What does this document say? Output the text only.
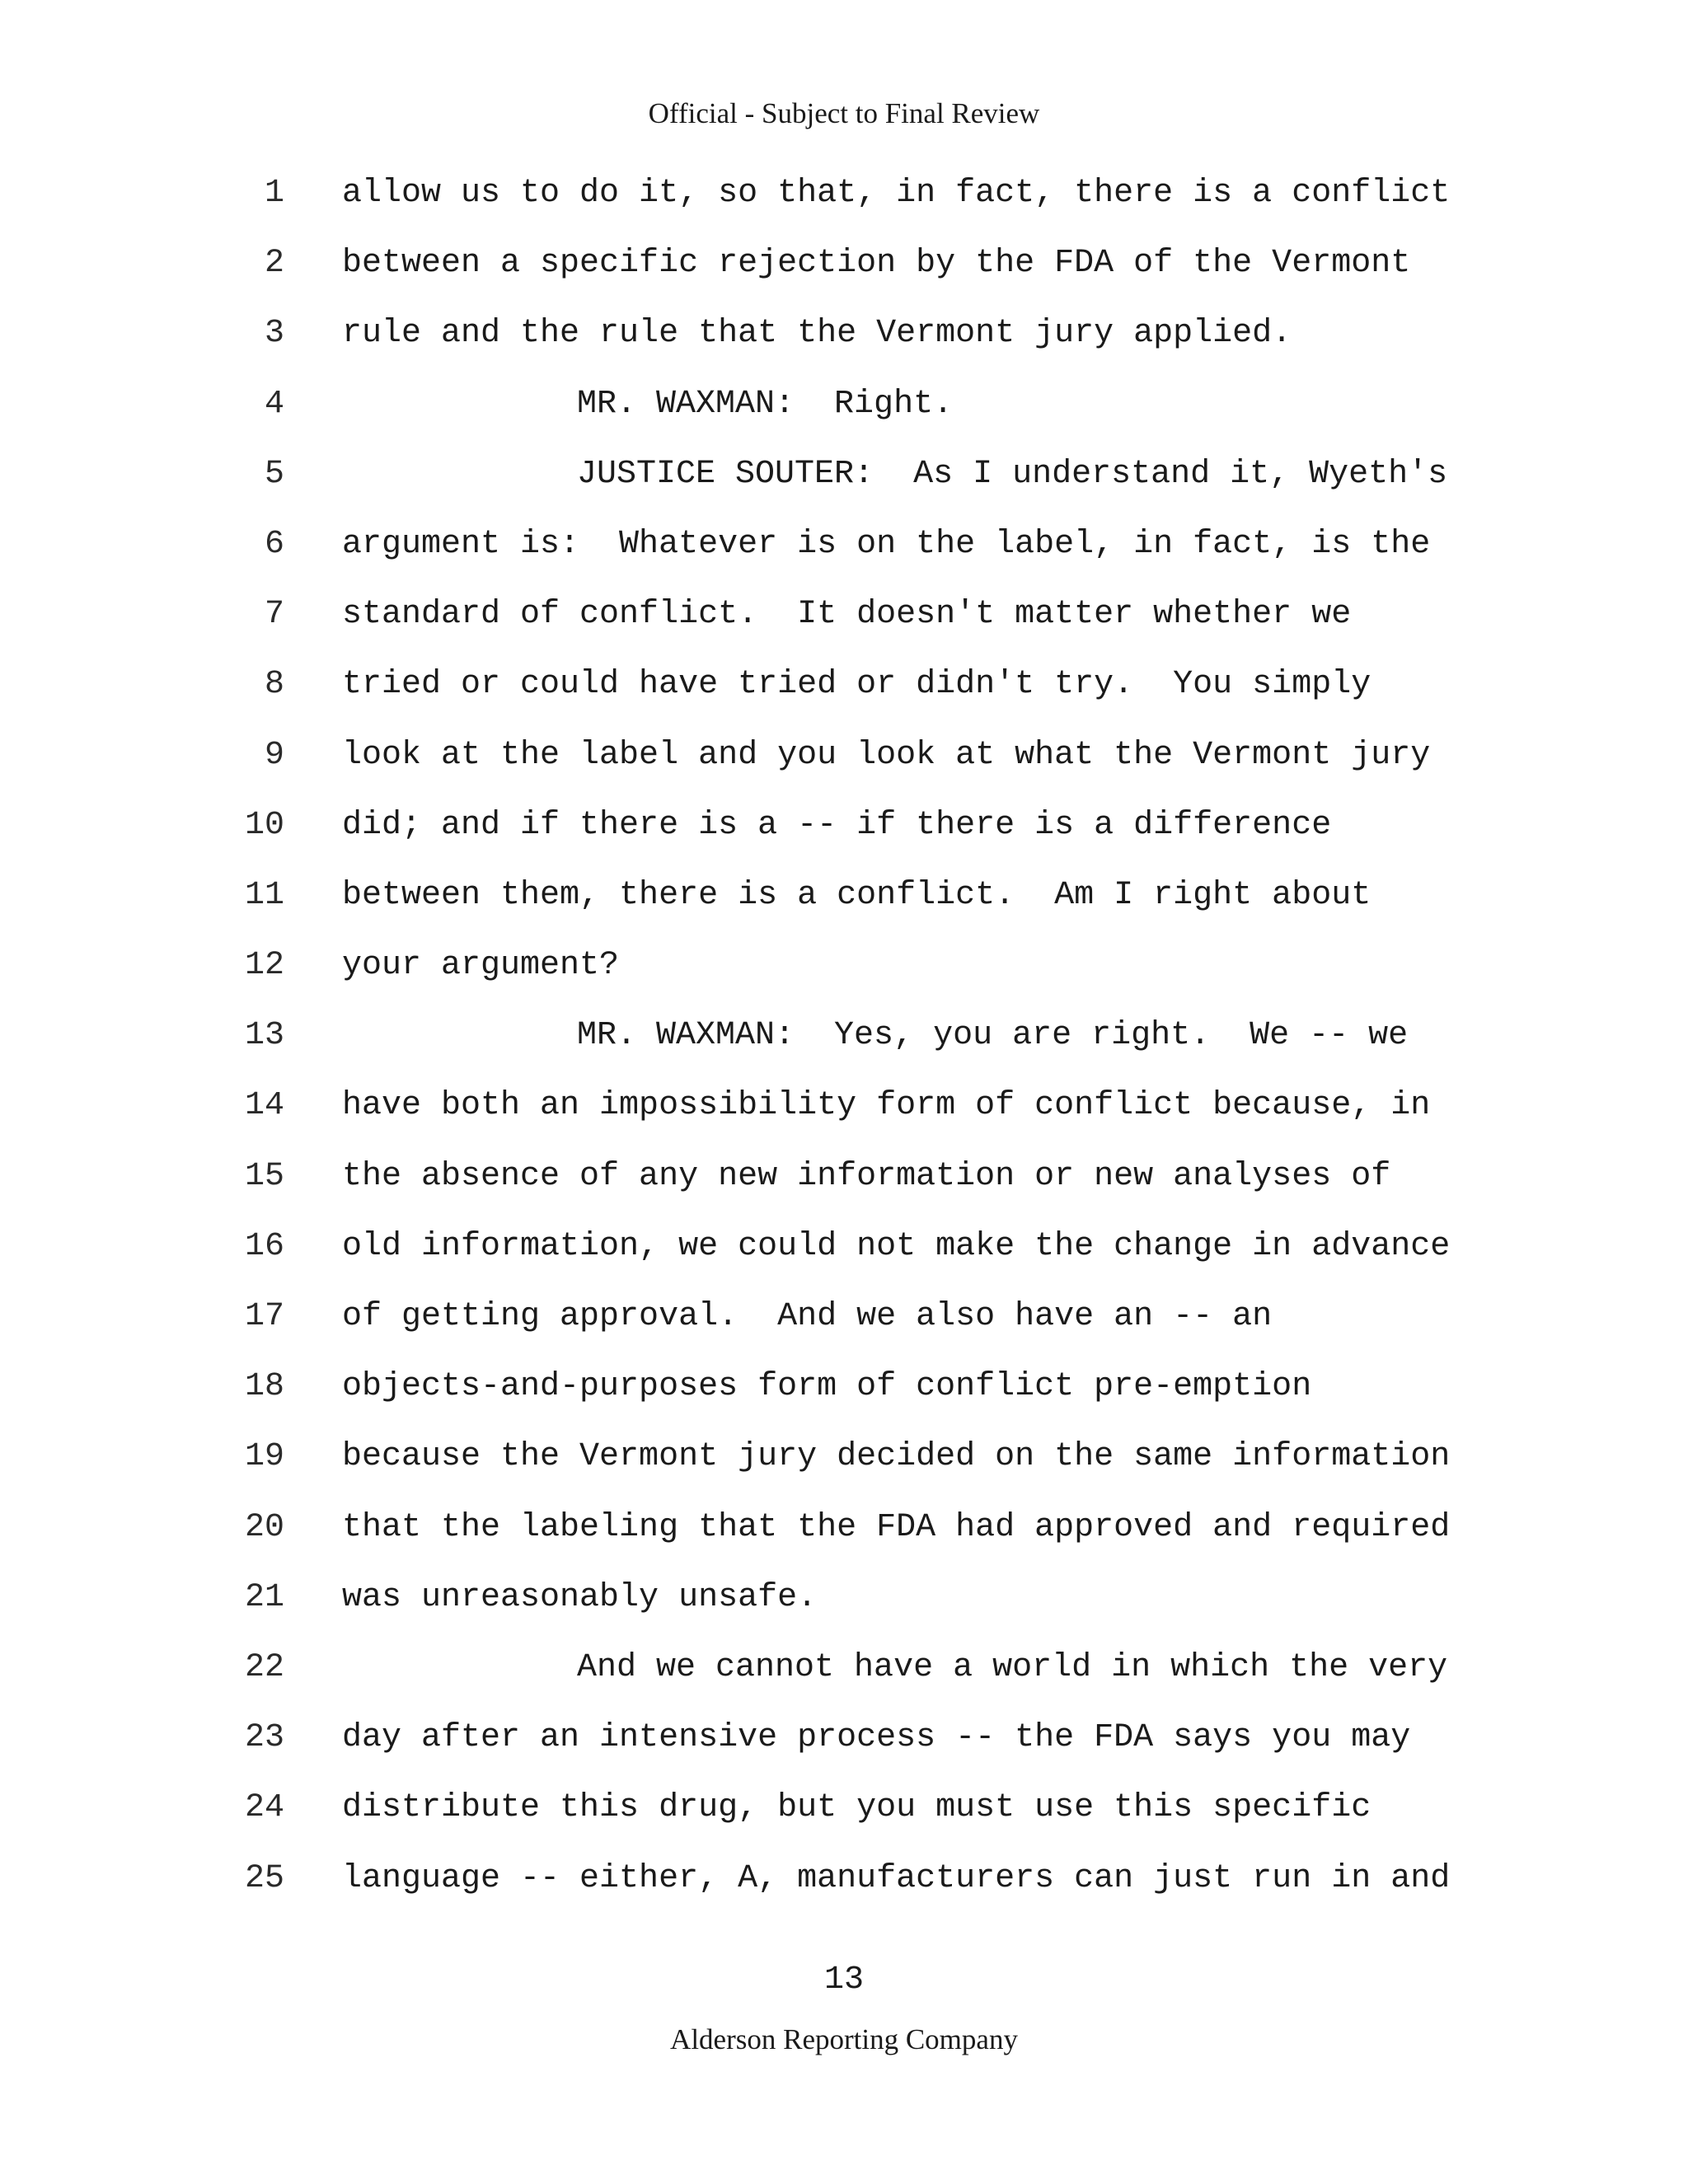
Official - Subject to Final Review
1 allow us to do it, so that, in fact, there is a conflict
2 between a specific rejection by the FDA of the Vermont
3 rule and the rule that the Vermont jury applied.
4	MR. WAXMAN:  Right.
5	JUSTICE SOUTER:  As I understand it, Wyeth's
6 argument is:  Whatever is on the label, in fact, is the
7 standard of conflict.  It doesn't matter whether we
8 tried or could have tried or didn't try.  You simply
9 look at the label and you look at what the Vermont jury
10 did; and if there is a -- if there is a difference
11 between them, there is a conflict.  Am I right about
12 your argument?
13	MR. WAXMAN:  Yes, you are right.  We -- we
14 have both an impossibility form of conflict because, in
15 the absence of any new information or new analyses of
16 old information, we could not make the change in advance
17 of getting approval.  And we also have an -- an
18 objects-and-purposes form of conflict pre-emption
19 because the Vermont jury decided on the same information
20 that the labeling that the FDA had approved and required
21 was unreasonably unsafe.
22	And we cannot have a world in which the very
23 day after an intensive process -- the FDA says you may
24 distribute this drug, but you must use this specific
25 language -- either, A, manufacturers can just run in and
13
Alderson Reporting Company
